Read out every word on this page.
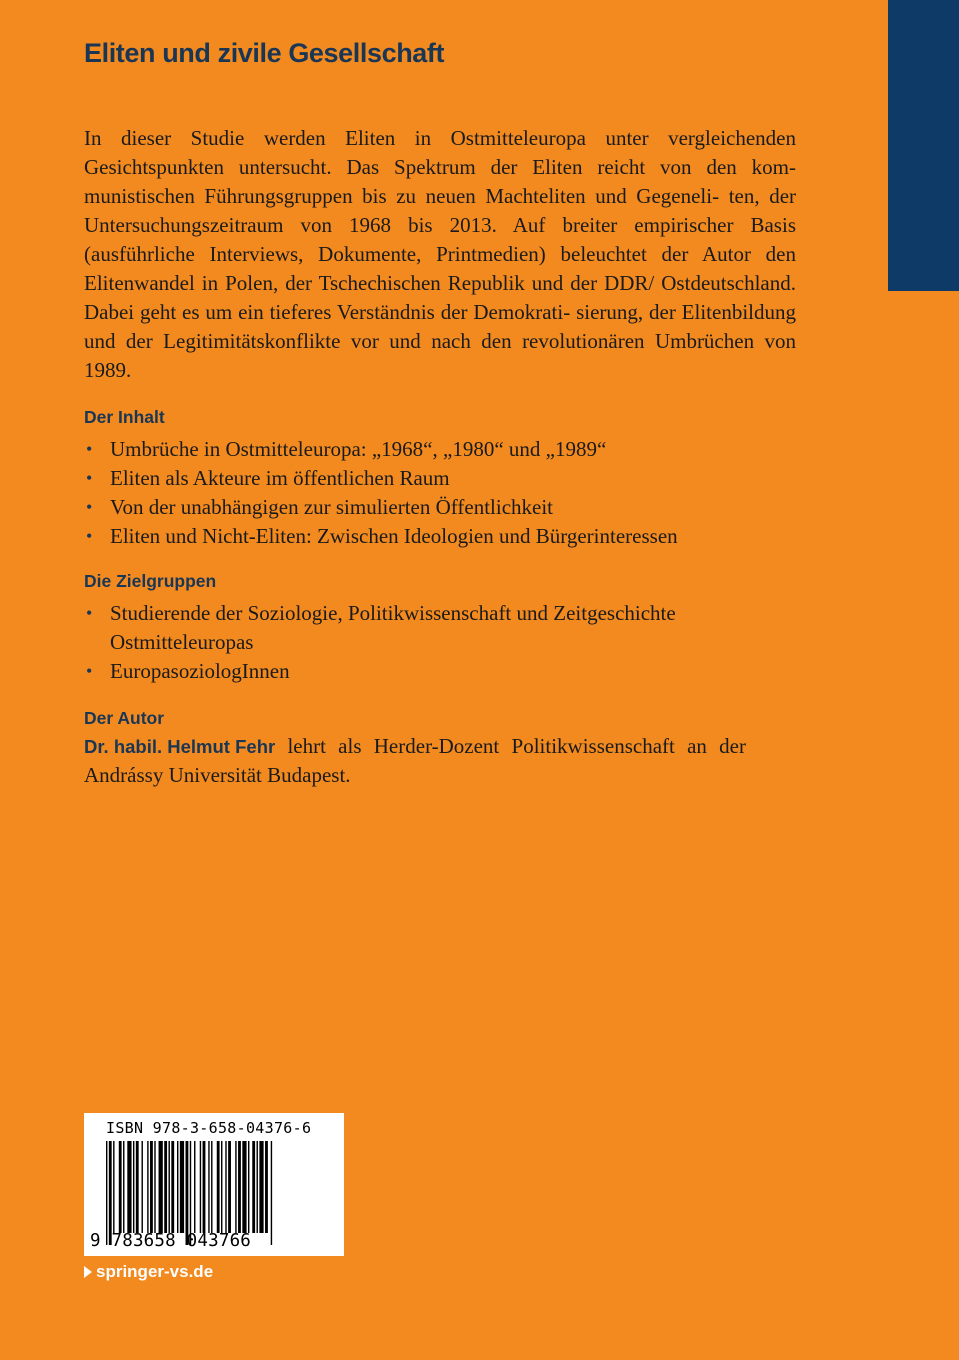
Eliten und zivile Gesellschaft

In dieser Studie werden Eliten in Ostmitteleuropa unter vergleichenden Gesichtspunkten untersucht. Das Spektrum der Eliten reicht von den kom- munistischen Führungsgruppen bis zu neuen Machteliten und Gegeneli- ten, der Untersuchungszeitraum von 1968 bis 2013. Auf breiter empirischer Basis (ausführliche Interviews, Dokumente, Printmedien) beleuchtet der Autor den Elitenwandel in Polen, der Tschechischen Republik und der DDR/ Ostdeutschland. Dabei geht es um ein tieferes Verständnis der Demokrati- sierung, der Elitenbildung und der Legitimitätskonflikte vor und nach den revolutionären Umbrüchen von 1989.

Der Inhalt
• Umbrüche in Ostmitteleuropa: „1968“, „1980“ und „1989“
• Eliten als Akteure im öffentlichen Raum
• Von der unabhängigen zur simulierten Öffentlichkeit
• Eliten und Nicht-Eliten: Zwischen Ideologien und Bürgerinteressen
Die Zielgruppen
• Studierende der Soziologie, Politikwissenschaft und Zeitgeschichte Ostmitteleuropas
• EuropasoziologInnen
Der Autor

Dr. habil. Helmut Fehr lehrt als Herder-Dozent Politikwissenschaft an der
Andrássy Universität Budapest.

ISBN 978-3-658-04376-6
9 783658 043766
springer-vs.de
